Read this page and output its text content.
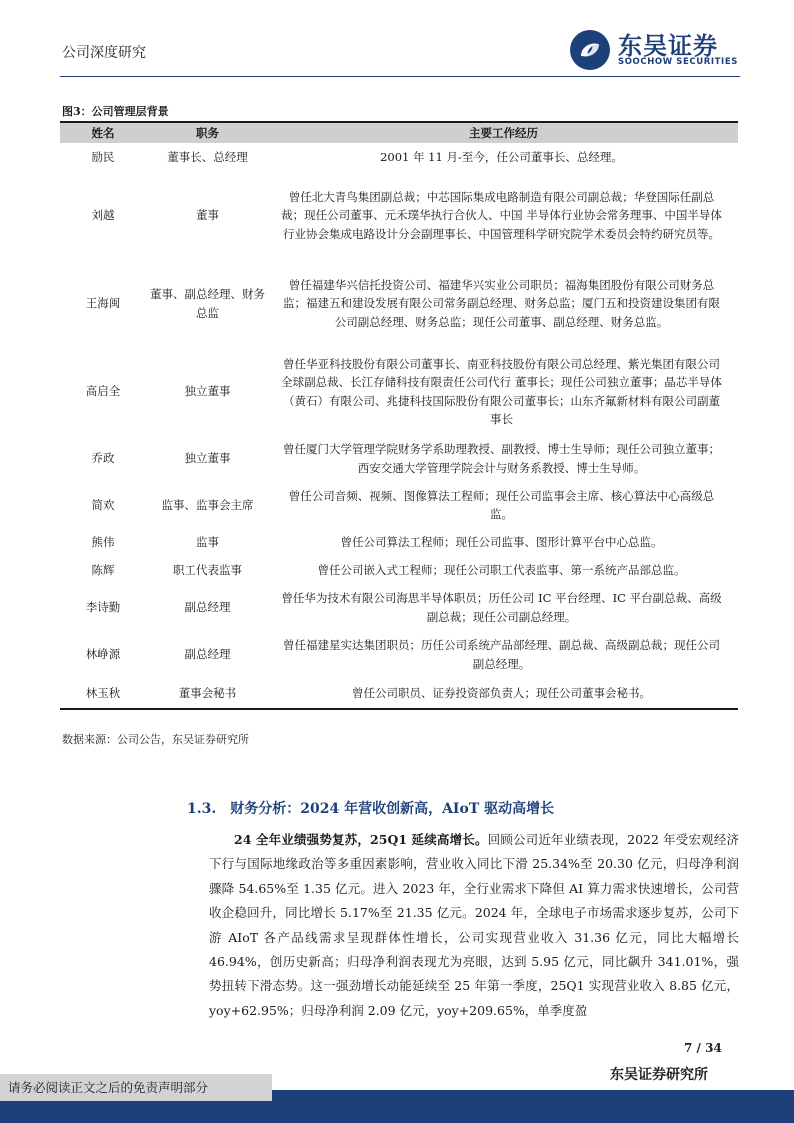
公司深度研究	东吴证券
SOOCHOW SECURITIES
图3：公司管理层背景
姓名	职务	主要工作经历
励民	董事长、总经理	2001 年 11 月-至今，任公司董事长、总经理。
刘越	董事	曾任北大青鸟集团副总裁；中芯国际集成电路制造有限公司副总裁；华登国际任副总裁；现任公司董事、元禾璞华执行合伙人、中国 半导体行业协会常务理事、中国半导体行业协会集成电路设计分会副理事长、中国管理科学研究院学术委员会特约研究员等。
王海闽	董事、副总经理、财务总监	曾任福建华兴信托投资公司、福建华兴实业公司职员；福海集团股份有限公司财务总监；福建五和建设发展有限公司常务副总经理、财务总监；厦门五和投资建设集团有限公司副总经理、财务总监；现任公司董事、副总经理、财务总监。
高启全	独立董事	曾任华亚科技股份有限公司董事长、南亚科技股份有限公司总经理、紫光集团有限公司全球副总裁、长江存储科技有限责任公司代行 董事长；现任公司独立董事；晶芯半导体（黄石）有限公司、兆捷科技国际股份有限公司董事长；山东齐氟新材料有限公司副董事长
乔政	独立董事	曾任厦门大学管理学院财务学系助理教授、副教授、博士生导师；现任公司独立董事；西安交通大学管理学院会计与财务系教授、博士生导师。
简欢	监事、监事会主席	曾任公司音频、视频、图像算法工程师；现任公司监事会主席、核心算法中心高级总监。
熊伟	监事	曾任公司算法工程师；现任公司监事、图形计算平台中心总监。
陈辉	职工代表监事	曾任公司嵌入式工程师；现任公司职工代表监事、第一系统产品部总监。
李诗勤	副总经理	曾任华为技术有限公司海思半导体职员；历任公司 IC 平台经理、IC 平台副总裁、高级副总裁；现任公司副总经理。
林峥源	副总经理	曾任福建星实达集团职员；历任公司系统产品部经理、副总裁、高级副总裁；现任公司副总经理。
林玉秋	董事会秘书	曾任公司职员、证券投资部负责人；现任公司董事会秘书。
数据来源：公司公告，东吴证券研究所
1.3.　财务分析：2024 年营收创新高，AIoT 驱动高增长
24 全年业绩强势复苏，25Q1 延续高增长。回顾公司近年业绩表现，2022 年受宏观经济下行与国际地缘政治等多重因素影响，营业收入同比下滑 25.34%至 20.30 亿元，归母净利润骤降 54.65%至 1.35 亿元。进入 2023 年，全行业需求下降但 AI 算力需求快速增长，公司营收企稳回升，同比增长 5.17%至 21.35 亿元。2024 年，全球电子市场需求逐步复苏，公司下游 AIoT 各产品线需求呈现群体性增长，公司实现营业收入 31.36 亿元，同比大幅增长 46.94%，创历史新高；归母净利润表现尤为亮眼，达到 5.95 亿元，同比飙升 341.01%，强势扭转下滑态势。这一强劲增长动能延续至 25 年第一季度，25Q1 实现营业收入 8.85 亿元，yoy+62.95%；归母净利润 2.09 亿元，yoy+209.65%，单季度盈
7 / 34
请务必阅读正文之后的免责声明部分
东吴证券研究所
